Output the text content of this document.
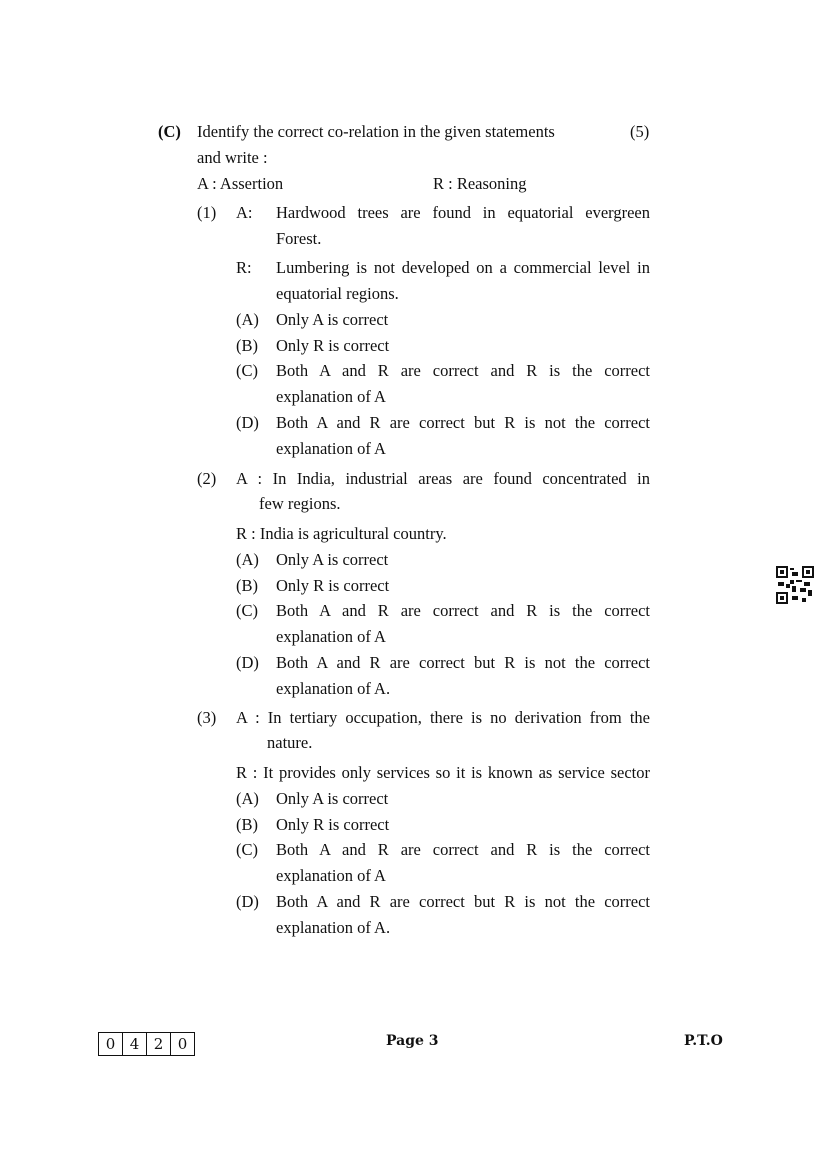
(C) Identify the correct co-relation in the given statements	(5)
and write :
A : Assertion	R : Reasoning
(1) A: Hardwood trees are found in equatorial evergreen
Forest.
R: Lumbering is not developed on a commercial level in
equatorial regions.
(A) Only A is correct
(B) Only R is correct
(C) Both A and R are correct and R is the correct
explanation of A
(D) Both A and R are correct but R is not the correct
explanation of A
(2) A : In India, industrial areas are found concentrated in
few regions.
R : India is agricultural country.
(A) Only A is correct
(B) Only R is correct
(C) Both A and R are correct and R is the correct
explanation of A
(D) Both A and R are correct but R is not the correct
explanation of A.
(3) A : In tertiary occupation, there is no derivation from the
nature.
R : It provides only services so it is known as service sector
(A) Only A is correct
(B) Only R is correct
(C) Both A and R are correct and R is the correct
explanation of A
(D) Both A and R are correct but R is not the correct
explanation of A.
0 4 2 0	Page 3	P.T.O
